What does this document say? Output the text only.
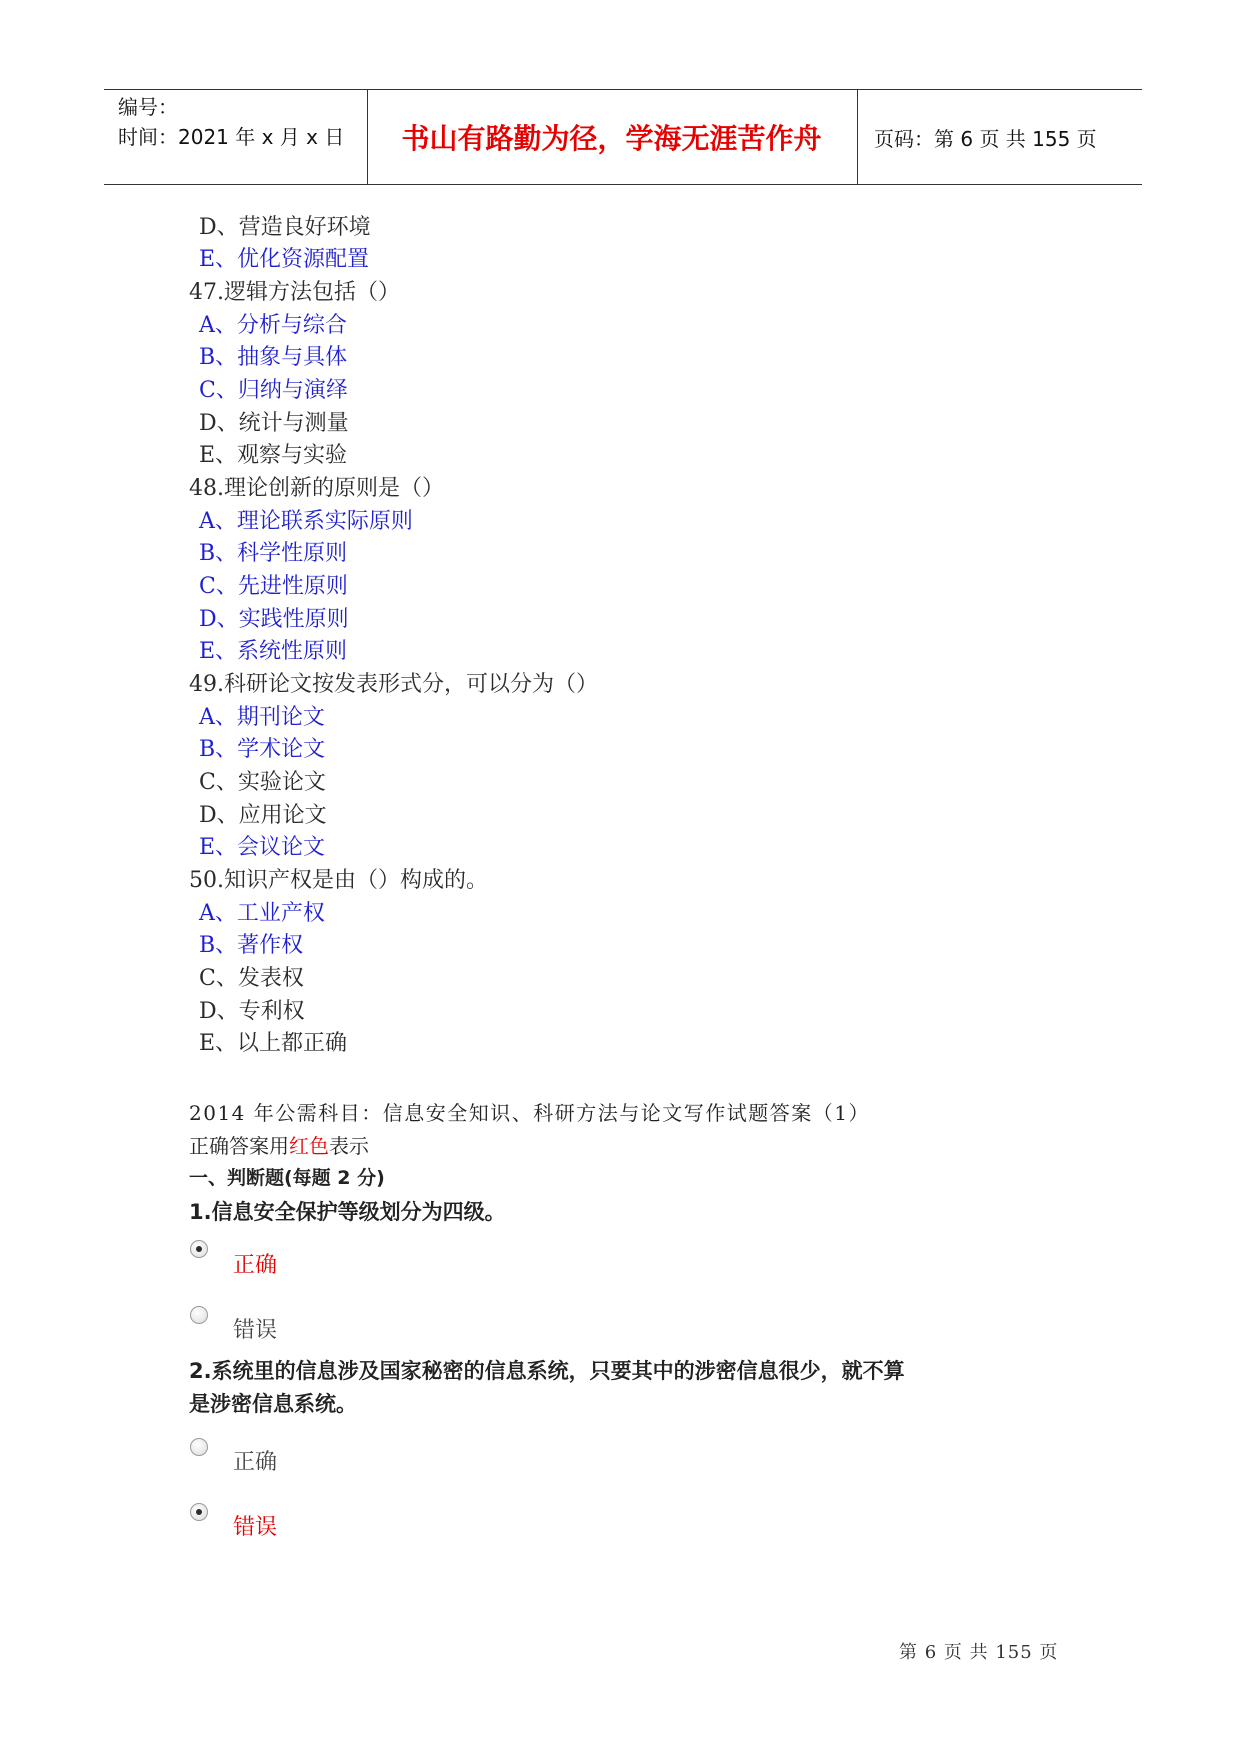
编号：
时间：2021 年 x 月 x 日	书山有路勤为径，学海无涯苦作舟	页码：第 6 页 共 155 页
D、营造良好环境
E、优化资源配置
47.逻辑方法包括（）
A、分析与综合
B、抽象与具体
C、归纳与演绎
D、统计与测量
E、观察与实验
48.理论创新的原则是（）
A、理论联系实际原则
B、科学性原则
C、先进性原则
D、实践性原则
E、系统性原则
49.科研论文按发表形式分，可以分为（）
A、期刊论文
B、学术论文
C、实验论文
D、应用论文
E、会议论文
50.知识产权是由（）构成的。
A、工业产权
B、著作权
C、发表权
D、专利权
E、以上都正确
2014 年公需科目：信息安全知识、科研方法与论文写作试题答案（1）
正确答案用红色表示
一、判断题(每题 2 分)
1.信息安全保护等级划分为四级。
正确
错误
2.系统里的信息涉及国家秘密的信息系统，只要其中的涉密信息很少，就不算
是涉密信息系统。
正确
错误
第 6 页 共 155 页
